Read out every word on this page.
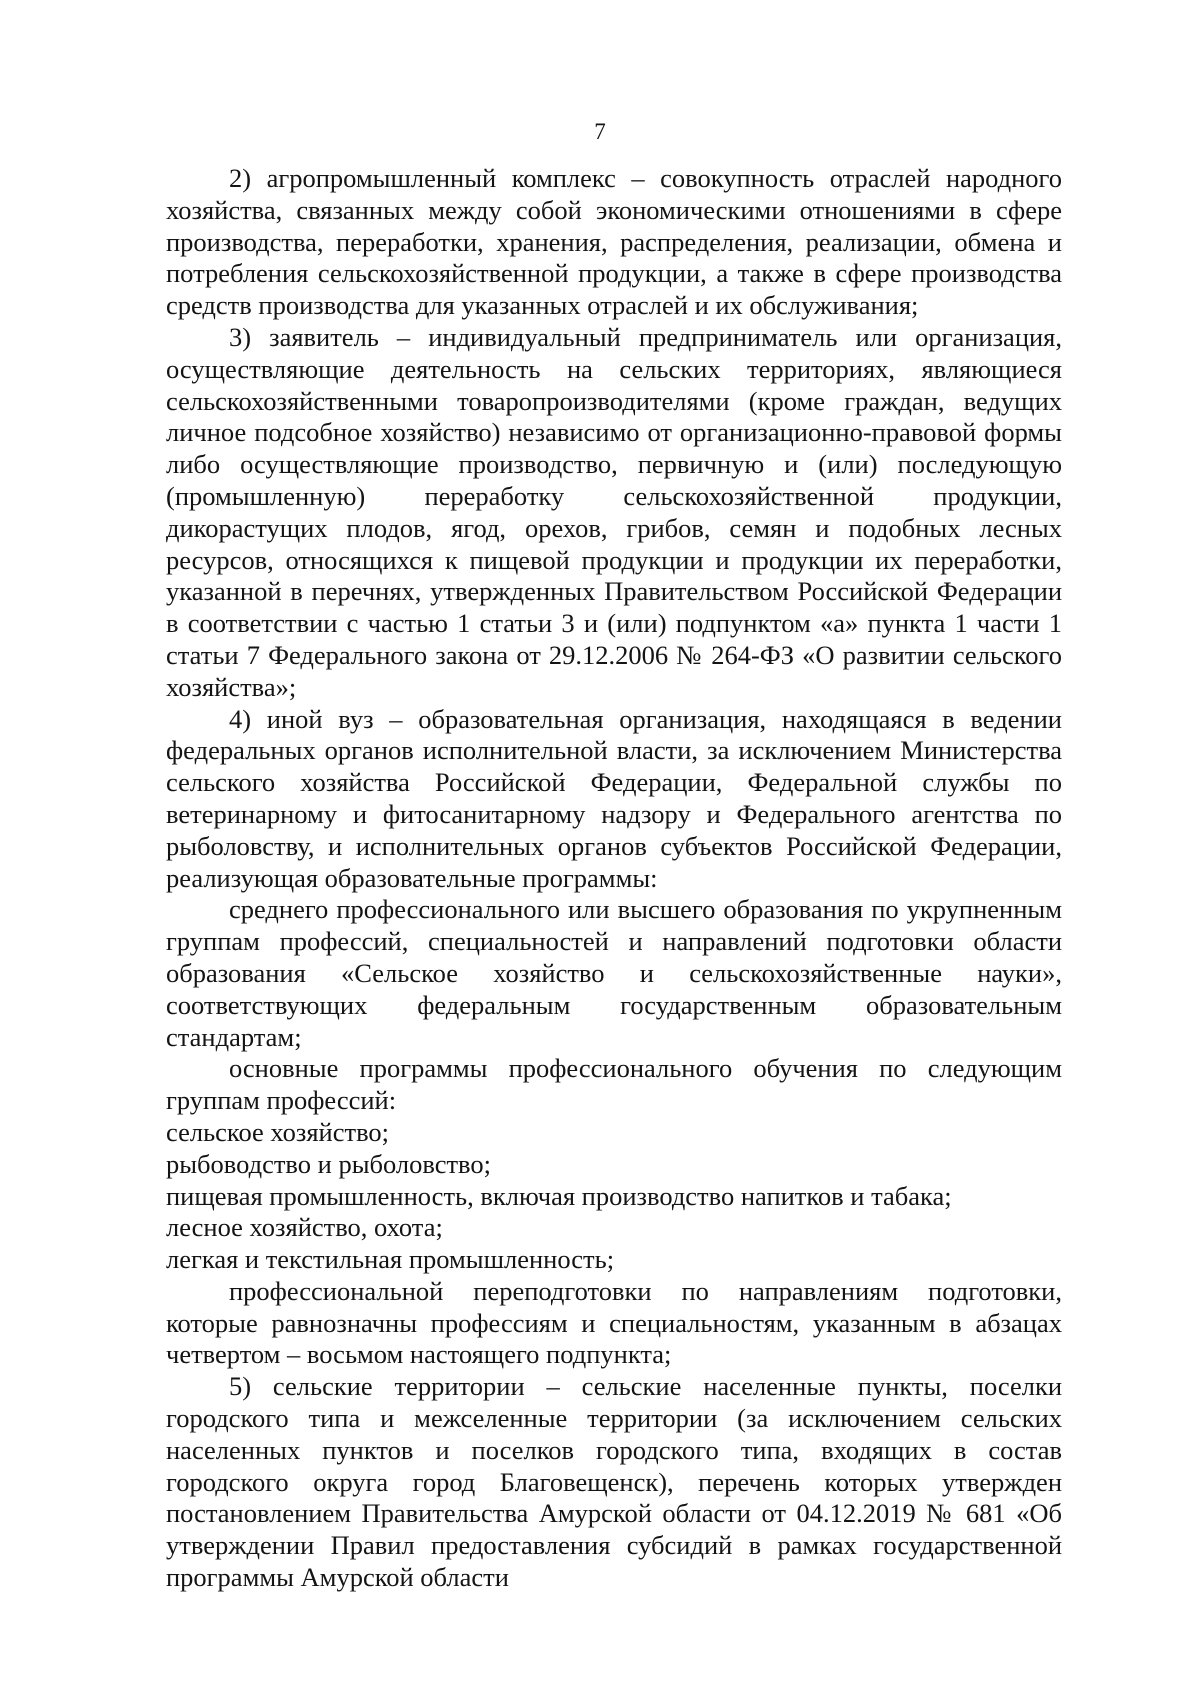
7

2) агропромышленный комплекс – совокупность отраслей народного хозяйства, связанных между собой экономическими отношениями в сфере производства, переработки, хранения, распределения, реализации, обмена и потребления сельскохозяйственной продукции, а также в сфере производства средств производства для указанных отраслей и их обслуживания;

3) заявитель – индивидуальный предприниматель или организация, осуществляющие деятельность на сельских территориях, являющиеся сельскохозяйственными товаропроизводителями (кроме граждан, ведущих личное подсобное хозяйство) независимо от организационно-правовой формы либо осуществляющие производство, первичную и (или) последующую (промышленную) переработку сельскохозяйственной продукции, дикорастущих плодов, ягод, орехов, грибов, семян и подобных лесных ресурсов, относящихся к пищевой продукции и продукции их переработки, указанной в перечнях, утвержденных Правительством Российской Федерации в соответствии с частью 1 статьи 3 и (или) подпунктом «а» пункта 1 части 1 статьи 7 Федерального закона от 29.12.2006 № 264-ФЗ «О развитии сельского хозяйства»;

4) иной вуз – образовательная организация, находящаяся в ведении федеральных органов исполнительной власти, за исключением Министерства сельского хозяйства Российской Федерации, Федеральной службы по ветеринарному и фитосанитарному надзору и Федерального агентства по рыболовству, и исполнительных органов субъектов Российской Федерации, реализующая образовательные программы:

среднего профессионального или высшего образования по укрупненным группам профессий, специальностей и направлений подготовки области образования «Сельское хозяйство и сельскохозяйственные науки», соответствующих федеральным государственным образовательным стандартам;

основные программы профессионального обучения по следующим группам профессий:

сельское хозяйство;

рыбоводство и рыболовство;

пищевая промышленность, включая производство напитков и табака;

лесное хозяйство, охота;

легкая и текстильная промышленность;

профессиональной переподготовки по направлениям подготовки, которые равнозначны профессиям и специальностям, указанным в абзацах четвертом – восьмом настоящего подпункта;

5) сельские территории – сельские населенные пункты, поселки городского типа и межселенные территории (за исключением сельских населенных пунктов и поселков городского типа, входящих в состав городского округа город Благовещенск), перечень которых утвержден постановлением Правительства Амурской области от 04.12.2019 № 681 «Об утверждении Правил предоставления субсидий в рамках государственной программы Амурской области
